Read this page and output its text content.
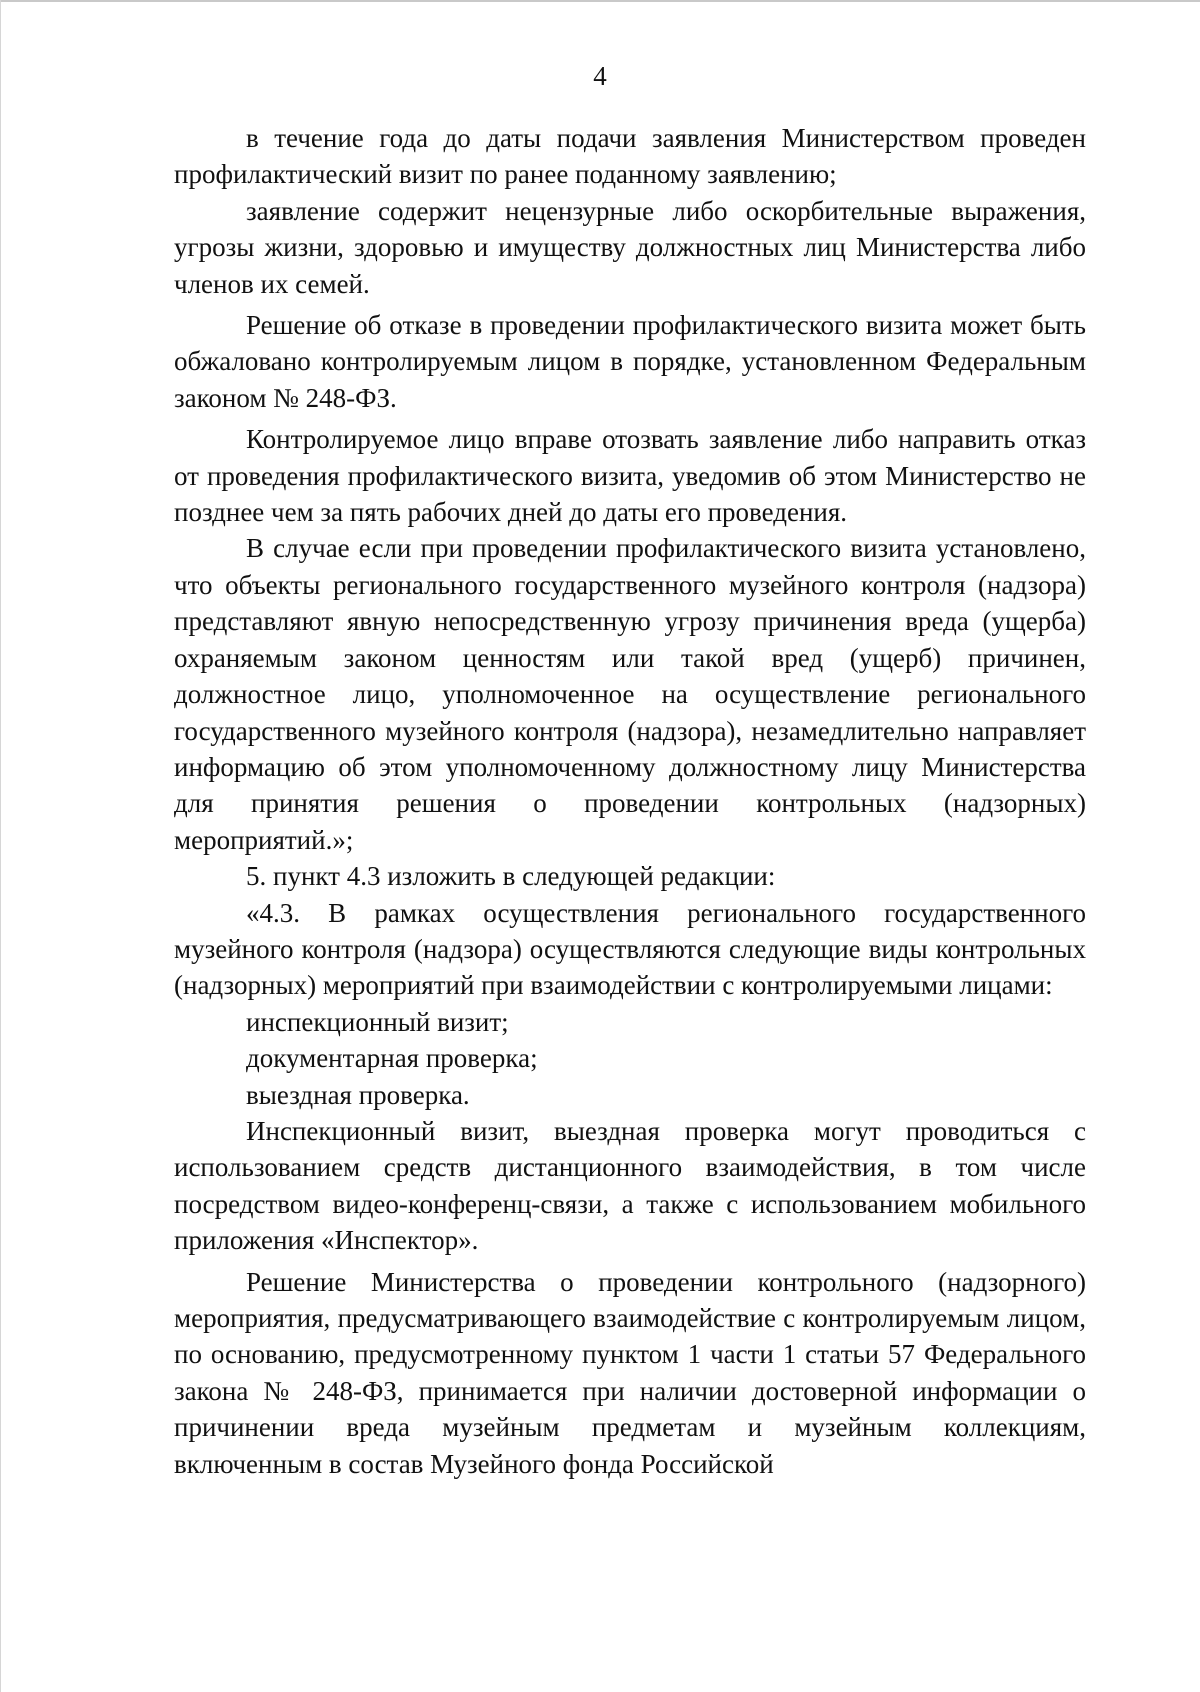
4

в течение года до даты подачи заявления Министерством проведен профилактический визит по ранее поданному заявлению;

заявление содержит нецензурные либо оскорбительные выражения, угрозы жизни, здоровью и имуществу должностных лиц Министерства либо членов их семей.

Решение об отказе в проведении профилактического визита может быть обжаловано контролируемым лицом в порядке, установленном Федеральным законом № 248-ФЗ.

Контролируемое лицо вправе отозвать заявление либо направить отказ от проведения профилактического визита, уведомив об этом Министерство не позднее чем за пять рабочих дней до даты его проведения.

В случае если при проведении профилактического визита установлено, что объекты регионального государственного музейного контроля (надзора) представляют явную непосредственную угрозу причинения вреда (ущерба) охраняемым законом ценностям или такой вред (ущерб) причинен, должностное лицо, уполномоченное на осуществление регионального государственного музейного контроля (надзора), незамедлительно направляет информацию об этом уполномоченному должностному лицу Министерства для принятия решения о проведении контрольных (надзорных) мероприятий.»;

5. пункт 4.3 изложить в следующей редакции:

«4.3. В рамках осуществления регионального государственного музейного контроля (надзора) осуществляются следующие виды контрольных (надзорных) мероприятий при взаимодействии с контролируемыми лицами:

инспекционный визит;

документарная проверка;

выездная проверка.

Инспекционный визит, выездная проверка могут проводиться с использованием средств дистанционного взаимодействия, в том числе посредством видео-конференц-связи, а также с использованием мобильного приложения «Инспектор».

Решение Министерства о проведении контрольного (надзорного) мероприятия, предусматривающего взаимодействие с контролируемым лицом, по основанию, предусмотренному пунктом 1 части 1 статьи 57 Федерального закона № 248-ФЗ, принимается при наличии достоверной информации о причинении вреда музейным предметам и музейным коллекциям, включенным в состав Музейного фонда Российской
